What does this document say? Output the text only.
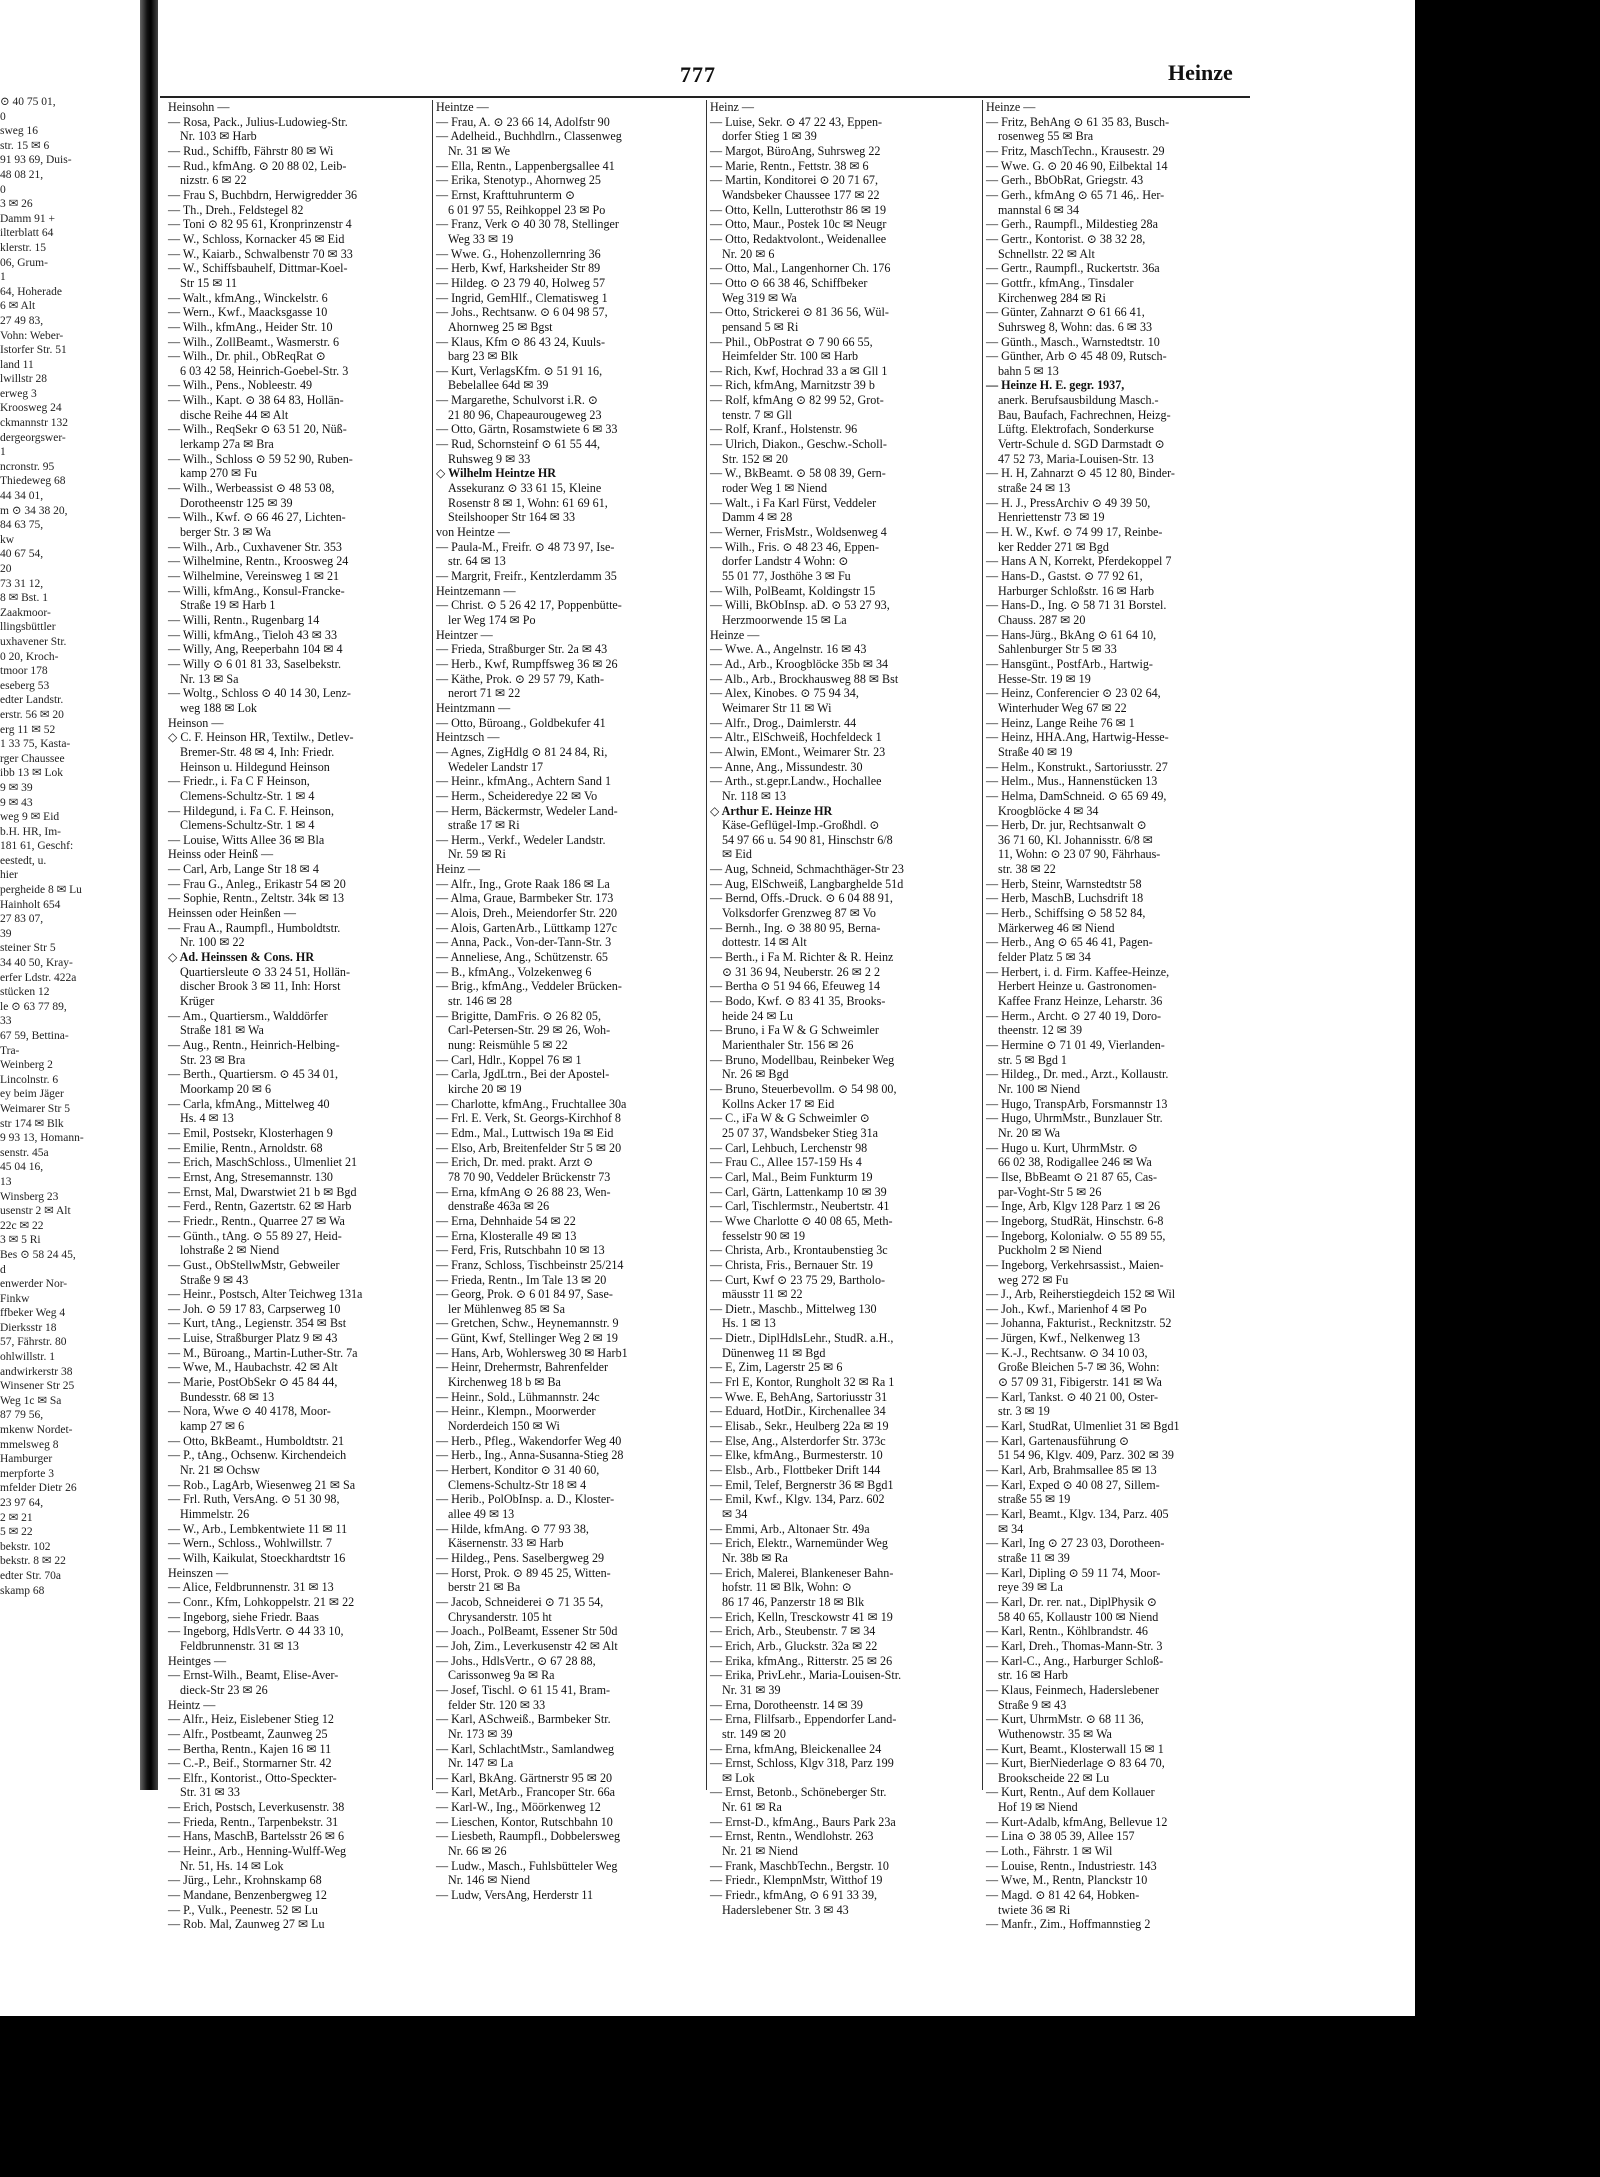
⊙ 40 75 01,
0
sweg 16
str. 15 ✉ 6
91 93 69, Duis-
48 08 21,
0
3 ✉ 26
Damm 91 +
ilterblatt 64
klerstr. 15
06, Grum-
1
64, Hoherade
6 ✉ Alt
27 49 83,
Vohn: Weber-
Istorfer Str. 51
land 11
lwillstr 28
erweg 3
Kroosweg 24
ckmannstr 132
dergeorgswer-
1
ncronstr. 95
Thiedeweg 68
44 34 01,
m ⊙ 34 38 20,
84 63 75,
kw
40 67 54,
20
73 31 12,
8 ✉ Bst. 1
Zaakmoor-
llingsbüttler
uxhavener Str.
0 20, Kroch-
tmoor 178
eseberg 53
edter Landstr.
erstr. 56 ✉ 20
erg 11 ✉ 52
1 33 75, Kasta-
rger Chaussee
ibb 13 ✉ Lok
9 ✉ 39
9 ✉ 43
weg 9 ✉ Eid
b.H. HR, Im-
181 61, Geschf:
eestedt, u.
hier
pergheide 8 ✉ Lu
Hainholt 654
27 83 07,
39
steiner Str 5
34 40 50, Kray-
erfer Ldstr. 422a
stücken 12
le ⊙ 63 77 89,
33
67 59, Bettina-
Tra-
Weinberg 2
Lincolnstr. 6
ey beim Jäger
Weimarer Str 5
str 174 ✉ Blk
9 93 13, Homann-
senstr. 45a
45 04 16,
13
Winsberg 23
usenstr 2 ✉ Alt
22c ✉ 22
3 ✉ 5 Ri
Bes ⊙ 58 24 45,
d
enwerder Nor-
Finkw
ffbeker Weg 4
Dierksstr 18
57, Fährstr. 80
ohlwillstr. 1
andwirkerstr 38
Winsener Str 25
Weg 1c ✉ Sa
87 79 56,
mkenw Nordet-
mmelsweg 8
Hamburger
merpforte 3
mfelder Dietr 26
23 97 64,
2 ✉ 21
5 ✉ 22
bekstr. 102
bekstr. 8 ✉ 22
edter Str. 70a
skamp 68
777	Heinze
Heinsohn —
— Rosa, Pack., Julius-Ludowieg-Str.
Nr. 103 ✉ Harb
— Rud., Schiffb, Fährstr 80 ✉ Wi
— Rud., kfmAng. ⊙ 20 88 02, Leib-
nizstr. 6 ✉ 22
— Frau S, Buchbdrn, Herwigredder 36
— Th., Dreh., Feldstegel 82
— Toni ⊙ 82 95 61, Kronprinzenstr 4
— W., Schloss, Kornacker 45 ✉ Eid
— W., Kaiarb., Schwalbenstr 70 ✉ 33
— W., Schiffsbauhelf, Dittmar-Koel-
Str 15 ✉ 11
— Walt., kfmAng., Winckelstr. 6
— Wern., Kwf., Maacksgasse 10
— Wilh., kfmAng., Heider Str. 10
— Wilh., ZollBeamt., Wasmerstr. 6
— Wilh., Dr. phil., ObReqRat ⊙
6 03 42 58, Heinrich-Goebel-Str. 3
— Wilh., Pens., Nobleestr. 49
— Wilh., Kapt. ⊙ 38 64 83, Hollän-
dische Reihe 44 ✉ Alt
— Wilh., ReqSekr ⊙ 63 51 20, Nüß-
lerkamp 27a ✉ Bra
— Wilh., Schloss ⊙ 59 52 90, Ruben-
kamp 270 ✉ Fu
— Wilh., Werbeassist ⊙ 48 53 08,
Dorotheenstr 125 ✉ 39
— Wilh., Kwf. ⊙ 66 46 27, Lichten-
berger Str. 3 ✉ Wa
— Wilh., Arb., Cuxhavener Str. 353
— Wilhelmine, Rentn., Kroosweg 24
— Wilhelmine, Vereinsweg 1 ✉ 21
— Willi, kfmAng., Konsul-Francke-
Straße 19 ✉ Harb 1
— Willi, Rentn., Rugenbarg 14
— Willi, kfmAng., Tieloh 43 ✉ 33
— Willy, Ang, Reeperbahn 104 ✉ 4
— Willy ⊙ 6 01 81 33, Saselbekstr.
Nr. 13 ✉ Sa
— Woltg., Schloss ⊙ 40 14 30, Lenz-
weg 188 ✉ Lok
Heinson —
◇ C. F. Heinson HR, Textilw., Detlev-
Bremer-Str. 48 ✉ 4, Inh: Friedr.
Heinson u. Hildegund Heinson
— Friedr., i. Fa C F Heinson,
Clemens-Schultz-Str. 1 ✉ 4
— Hildegund, i. Fa C. F. Heinson,
Clemens-Schultz-Str. 1 ✉ 4
— Louise, Witts Allee 36 ✉ Bla
Heinss oder Heinß —
— Carl, Arb, Lange Str 18 ✉ 4
— Frau G., Anleg., Erikastr 54 ✉ 20
— Sophie, Rentn., Zeltstr. 34k ✉ 13
Heinssen oder Heinßen —
— Frau A., Raumpfl., Humboldtstr.
Nr. 100 ✉ 22
◇ Ad. Heinssen & Cons. HR
Quartiersleute ⊙ 33 24 51, Hollän-
discher Brook 3 ✉ 11, Inh: Horst
Krüger
— Am., Quartiersm., Walddörfer
Straße 181 ✉ Wa
— Aug., Rentn., Heinrich-Helbing-
Str. 23 ✉ Bra
— Berth., Quartiersm. ⊙ 45 34 01,
Moorkamp 20 ✉ 6
— Carla, kfmAng., Mittelweg 40
Hs. 4 ✉ 13
— Emil, Postsekr, Klosterhagen 9
— Emilie, Rentn., Arnoldstr. 68
— Erich, MaschSchloss., Ulmenliet 21
— Ernst, Ang, Stresemannstr. 130
— Ernst, Mal, Dwarstwiet 21 b ✉ Bgd
— Ferd., Rentn, Gazertstr. 62 ✉ Harb
— Friedr., Rentn., Quarree 27 ✉ Wa
— Günth., tAng. ⊙ 55 89 27, Heid-
lohstraße 2 ✉ Niend
— Gust., ObStellwMstr, Gebweiler
Straße 9 ✉ 43
— Heinr., Postsch, Alter Teichweg 131a
— Joh. ⊙ 59 17 83, Carpserweg 10
— Kurt, tAng., Legienstr. 354 ✉ Bst
— Luise, Straßburger Platz 9 ✉ 43
— M., Büroang., Martin-Luther-Str. 7a
— Wwe, M., Haubachstr. 42 ✉ Alt
— Marie, PostObSekr ⊙ 45 84 44,
Bundesstr. 68 ✉ 13
— Nora, Wwe ⊙ 40 4178, Moor-
kamp 27 ✉ 6
— Otto, BkBeamt., Humboldtstr. 21
— P., tAng., Ochsenw. Kirchendeich
Nr. 21 ✉ Ochsw
— Rob., LagArb, Wiesenweg 21 ✉ Sa
— Frl. Ruth, VersAng. ⊙ 51 30 98,
Himmelstr. 26
— W., Arb., Lembkentwiete 11 ✉ 11
— Wern., Schloss., Wohlwillstr. 7
— Wilh, Kaikulat, Stoeckhardtstr 16
Heinszen —
— Alice, Feldbrunnenstr. 31 ✉ 13
— Conr., Kfm, Lohkoppelstr. 21 ✉ 22
— Ingeborg, siehe Friedr. Baas
— Ingeborg, HdlsVertr. ⊙ 44 33 10,
Feldbrunnenstr. 31 ✉ 13
Heintges —
— Ernst-Wilh., Beamt, Elise-Aver-
dieck-Str 23 ✉ 26
Heintz —
— Alfr., Heiz, Eislebener Stieg 12
— Alfr., Postbeamt, Zaunweg 25
— Bertha, Rentn., Kajen 16 ✉ 11
— C.-P., Beif., Stormarner Str. 42
— Elfr., Kontorist., Otto-Speckter-
Str. 31 ✉ 33
— Erich, Postsch, Leverkusenstr. 38
— Frieda, Rentn., Tarpenbekstr. 31
— Hans, MaschB, Bartelsstr 26 ✉ 6
— Heinr., Arb., Henning-Wulff-Weg
Nr. 51, Hs. 14 ✉ Lok
— Jürg., Lehr., Krohnskamp 68
— Mandane, Benzenbergweg 12
— P., Vulk., Peenestr. 52 ✉ Lu
— Rob. Mal, Zaunweg 27 ✉ Lu
Heintze —
— Frau, A. ⊙ 23 66 14, Adolfstr 90
— Adelheid., Buchhdlrn., Classenweg
Nr. 31 ✉ We
— Ella, Rentn., Lappenbergsallee 41
— Erika, Stenotyp., Ahornweg 25
— Ernst, Krafttuhrunterm ⊙
6 01 97 55, Reihkoppel 23 ✉ Po
— Franz, Verk ⊙ 40 30 78, Stellinger
Weg 33 ✉ 19
— Wwe. G., Hohenzollernring 36
— Herb, Kwf, Harksheider Str 89
— Hildeg. ⊙ 23 79 40, Holweg 57
— Ingrid, GemHlf., Clematisweg 1
— Johs., Rechtsanw. ⊙ 6 04 98 57,
Ahornweg 25 ✉ Bgst
— Klaus, Kfm ⊙ 86 43 24, Kuuls-
barg 23 ✉ Blk
— Kurt, VerlagsKfm. ⊙ 51 91 16,
Bebelallee 64d ✉ 39
— Margarethe, Schulvorst i.R. ⊙
21 80 96, Chapeaurougeweg 23
— Otto, Gärtn, Rosamstwiete 6 ✉ 33
— Rud, Schornsteinf ⊙ 61 55 44,
Ruhsweg 9 ✉ 33
◇ Wilhelm Heintze HR
Assekuranz ⊙ 33 61 15, Kleine
Rosenstr 8 ✉ 1, Wohn: 61 69 61,
Steilshooper Str 164 ✉ 33
von Heintze —
— Paula-M., Freifr. ⊙ 48 73 97, Ise-
str. 64 ✉ 13
— Margrit, Freifr., Kentzlerdamm 35
Heintzemann —
— Christ. ⊙ 5 26 42 17, Poppenbütte-
ler Weg 174 ✉ Po
Heintzer —
— Frieda, Straßburger Str. 2a ✉ 43
— Herb., Kwf, Rumpffsweg 36 ✉ 26
— Käthe, Prok. ⊙ 29 57 79, Kath-
nerort 71 ✉ 22
Heintzmann —
— Otto, Büroang., Goldbekufer 41
Heintzsch —
— Agnes, ZigHdlg ⊙ 81 24 84, Ri,
Wedeler Landstr 17
— Heinr., kfmAng., Achtern Sand 1
— Herm., Scheideredye 22 ✉ Vo
— Herm, Bäckermstr, Wedeler Land-
straße 17 ✉ Ri
— Herm., Verkf., Wedeler Landstr.
Nr. 59 ✉ Ri
Heinz —
— Alfr., Ing., Grote Raak 186 ✉ La
— Alma, Graue, Barmbeker Str. 173
— Alois, Dreh., Meiendorfer Str. 220
— Alois, GartenArb., Lüttkamp 127c
— Anna, Pack., Von-der-Tann-Str. 3
— Anneliese, Ang., Schützenstr. 65
— B., kfmAng., Volzekenweg 6
— Brig., kfmAng., Veddeler Brücken-
str. 146 ✉ 28
— Brigitte, DamFris. ⊙ 26 82 05,
Carl-Petersen-Str. 29 ✉ 26, Woh-
nung: Reismühle 5 ✉ 22
— Carl, Hdlr., Koppel 76 ✉ 1
— Carla, JgdLtrn., Bei der Apostel-
kirche 20 ✉ 19
— Charlotte, kfmAng., Fruchtallee 30a
— Frl. E. Verk, St. Georgs-Kirchhof 8
— Edm., Mal., Luttwisch 19a ✉ Eid
— Elso, Arb, Breitenfelder Str 5 ✉ 20
— Erich, Dr. med. prakt. Arzt ⊙
78 70 90, Veddeler Brückenstr 73
— Erna, kfmAng ⊙ 26 88 23, Wen-
denstraße 463a ✉ 26
— Erna, Dehnhaide 54 ✉ 22
— Erna, Klosteralle 49 ✉ 13
— Ferd, Fris, Rutschbahn 10 ✉ 13
— Franz, Schloss, Tischbeinstr 25/214
— Frieda, Rentn., Im Tale 13 ✉ 20
— Georg, Prok. ⊙ 6 01 84 97, Sase-
ler Mühlenweg 85 ✉ Sa
— Gretchen, Schw., Heynemannstr. 9
— Günt, Kwf, Stellinger Weg 2 ✉ 19
— Hans, Arb, Wohlersweg 30 ✉ Harb1
— Heinr, Drehermstr, Bahrenfelder
Kirchenweg 18 b ✉ Ba
— Heinr., Sold., Lühmannstr. 24c
— Heinr., Klempn., Moorwerder
Norderdeich 150 ✉ Wi
— Herb., Pfleg., Wakendorfer Weg 40
— Herb., Ing., Anna-Susanna-Stieg 28
— Herbert, Konditor ⊙ 31 40 60,
Clemens-Schultz-Str 18 ✉ 4
— Herib., PolObInsp. a. D., Kloster-
allee 49 ✉ 13
— Hilde, kfmAng. ⊙ 77 93 38,
Käsernenstr. 33 ✉ Harb
— Hildeg., Pens. Saselbergweg 29
— Horst, Prok. ⊙ 89 45 25, Witten-
berstr 21 ✉ Ba
— Jacob, Schneiderei ⊙ 71 35 54,
Chrysanderstr. 105 ht
— Joach., PolBeamt, Essener Str 50d
— Joh, Zim., Leverkusenstr 42 ✉ Alt
— Johs., HdlsVertr., ⊙ 67 28 88,
Carissonweg 9a ✉ Ra
— Josef, Tischl. ⊙ 61 15 41, Bram-
felder Str. 120 ✉ 33
— Karl, ASchweiß., Barmbeker Str.
Nr. 173 ✉ 39
— Karl, SchlachtMstr., Samlandweg
Nr. 147 ✉ La
— Karl, BkAng. Gärtnerstr 95 ✉ 20
— Karl, MetArb., Francoper Str. 66a
— Karl-W., Ing., Möörkenweg 12
— Lieschen, Kontor, Rutschbahn 10
— Liesbeth, Raumpfl., Dobbelersweg
Nr. 66 ✉ 26
— Ludw., Masch., Fuhlsbütteler Weg
Nr. 146 ✉ Niend
— Ludw, VersAng, Herderstr 11
Heinz —
— Luise, Sekr. ⊙ 47 22 43, Eppen-
dorfer Stieg 1 ✉ 39
— Margot, BüroAng, Suhrsweg 22
— Marie, Rentn., Fettstr. 38 ✉ 6
— Martin, Konditorei ⊙ 20 71 67,
Wandsbeker Chaussee 177 ✉ 22
— Otto, Kelln, Lutterothstr 86 ✉ 19
— Otto, Maur., Postek 10c ✉ Neugr
— Otto, Redaktvolont., Weidenallee
Nr. 20 ✉ 6
— Otto, Mal., Langenhorner Ch. 176
— Otto ⊙ 66 38 46, Schiffbeker
Weg 319 ✉ Wa
— Otto, Strickerei ⊙ 81 36 56, Wül-
pensand 5 ✉ Ri
— Phil., ObPostrat ⊙ 7 90 66 55,
Heimfelder Str. 100 ✉ Harb
— Rich, Kwf, Hochrad 33 a ✉ Gll 1
— Rich, kfmAng, Marnitzstr 39 b
— Rolf, kfmAng ⊙ 82 99 52, Grot-
tenstr. 7 ✉ Gll
— Rolf, Kranf., Holstenstr. 96
— Ulrich, Diakon., Geschw.-Scholl-
Str. 152 ✉ 20
— W., BkBeamt. ⊙ 58 08 39, Gern-
roder Weg 1 ✉ Niend
— Walt., i Fa Karl Fürst, Veddeler
Damm 4 ✉ 28
— Werner, FrisMstr., Woldsenweg 4
— Wilh., Fris. ⊙ 48 23 46, Eppen-
dorfer Landstr 4 Wohn: ⊙
55 01 77, Josthöhe 3 ✉ Fu
— Wilh, PolBeamt, Koldingstr 15
— Willi, BkObInsp. aD. ⊙ 53 27 93,
Herzmoorwende 15 ✉ La
Heinze —
— Wwe. A., Angelnstr. 16 ✉ 43
— Ad., Arb., Kroogblöcke 35b ✉ 34
— Alb., Arb., Brockhausweg 88 ✉ Bst
— Alex, Kinobes. ⊙ 75 94 34,
Weimarer Str 11 ✉ Wi
— Alfr., Drog., Daimlerstr. 44
— Altr., ElSchweiß, Hochfeldeck 1
— Alwin, EMont., Weimarer Str. 23
— Anne, Ang., Missundestr. 30
— Arth., st.gepr.Landw., Hochallee
Nr. 118 ✉ 13
◇ Arthur E. Heinze HR
Käse-Geflügel-Imp.-Großhdl. ⊙
54 97 66 u. 54 90 81, Hinschstr 6/8
✉ Eid
— Aug, Schneid, Schmachthäger-Str 23
— Aug, ElSchweiß, Langbarghelde 51d
— Bernd, Offs.-Druck. ⊙ 6 04 88 91,
Volksdorfer Grenzweg 87 ✉ Vo
— Bernh., Ing. ⊙ 38 80 95, Berna-
dottestr. 14 ✉ Alt
— Berth., i Fa M. Richter & R. Heinz
⊙ 31 36 94, Neuberstr. 26 ✉ 2 2
— Bertha ⊙ 51 94 66, Efeuweg 14
— Bodo, Kwf. ⊙ 83 41 35, Brooks-
heide 24 ✉ Lu
— Bruno, i Fa W & G Schweimler
Marienthaler Str. 156 ✉ 26
— Bruno, Modellbau, Reinbeker Weg
Nr. 26 ✉ Bgd
— Bruno, Steuerbevollm. ⊙ 54 98 00,
Kollns Acker 17 ✉ Eid
— C., iFa W & G Schweimler ⊙
25 07 37, Wandsbeker Stieg 31a
— Carl, Lehbuch, Lerchenstr 98
— Frau C., Allee 157-159 Hs 4
— Carl, Mal., Beim Funkturm 19
— Carl, Gärtn, Lattenkamp 10 ✉ 39
— Carl, Tischlermstr., Neubertstr. 41
— Wwe Charlotte ⊙ 40 08 65, Meth-
fesselstr 90 ✉ 19
— Christa, Arb., Krontaubenstieg 3c
— Christa, Fris., Bernauer Str. 19
— Curt, Kwf ⊙ 23 75 29, Bartholo-
mäusstr 11 ✉ 22
— Dietr., Maschb., Mittelweg 130
Hs. 1 ✉ 13
— Dietr., DiplHdlsLehr., StudR. a.H.,
Dünenweg 11 ✉ Bgd
— E, Zim, Lagerstr 25 ✉ 6
— Frl E, Kontor, Rungholt 32 ✉ Ra 1
— Wwe. E, BehAng, Sartoriusstr 31
— Eduard, HotDir., Kirchenallee 34
— Elisab., Sekr., Heulberg 22a ✉ 19
— Else, Ang., Alsterdorfer Str. 373c
— Elke, kfmAng., Burmesterstr. 10
— Elsb., Arb., Flottbeker Drift 144
— Emil, Telef, Bergnerstr 36 ✉ Bgd1
— Emil, Kwf., Klgv. 134, Parz. 602
✉ 34
— Emmi, Arb., Altonaer Str. 49a
— Erich, Elektr., Warnemünder Weg
Nr. 38b ✉ Ra
— Erich, Malerei, Blankeneser Bahn-
hofstr. 11 ✉ Blk, Wohn: ⊙
86 17 46, Panzerstr 18 ✉ Blk
— Erich, Kelln, Tresckowstr 41 ✉ 19
— Erich, Arb., Steubenstr. 7 ✉ 34
— Erich, Arb., Gluckstr. 32a ✉ 22
— Erika, kfmAng., Ritterstr. 25 ✉ 26
— Erika, PrivLehr., Maria-Louisen-Str.
Nr. 31 ✉ 39
— Erna, Dorotheenstr. 14 ✉ 39
— Erna, Flilfsarb., Eppendorfer Land-
str. 149 ✉ 20
— Erna, kfmAng, Bleickenallee 24
— Ernst, Schloss, Klgv 318, Parz 199
✉ Lok
— Ernst, Betonb., Schöneberger Str.
Nr. 61 ✉ Ra
— Ernst-D., kfmAng., Baurs Park 23a
— Ernst, Rentn., Wendlohstr. 263
Nr. 21 ✉ Niend
— Frank, MaschbTechn., Bergstr. 10
— Friedr., KlempnMstr, Witthof 19
— Friedr., kfmAng, ⊙ 6 91 33 39,
Haderslebener Str. 3 ✉ 43
Heinze —
— Fritz, BehAng ⊙ 61 35 83, Busch-
rosenweg 55 ✉ Bra
— Fritz, MaschTechn., Krausestr. 29
— Wwe. G. ⊙ 20 46 90, Eilbektal 14
— Gerh., BbObRat, Griegstr. 43
— Gerh., kfmAng ⊙ 65 71 46,. Her-
mannstal 6 ✉ 34
— Gerh., Raumpfl., Mildestieg 28a
— Gertr., Kontorist. ⊙ 38 32 28,
Schnellstr. 22 ✉ Alt
— Gertr., Raumpfl., Ruckertstr. 36a
— Gottfr., kfmAng., Tinsdaler
Kirchenweg 284 ✉ Ri
— Günter, Zahnarzt ⊙ 61 66 41,
Suhrsweg 8, Wohn: das. 6 ✉ 33
— Günth., Masch., Warnstedtstr. 10
— Günther, Arb ⊙ 45 48 09, Rutsch-
bahn 5 ✉ 13
— Heinze H. E. gegr. 1937,
anerk. Berufsausbildung Masch.-
Bau, Baufach, Fachrechnen, Heizg-
Lüftg. Elektrofach, Sonderkurse
Vertr-Schule d. SGD Darmstadt ⊙
47 52 73, Maria-Louisen-Str. 13
— H. H, Zahnarzt ⊙ 45 12 80, Binder-
straße 24 ✉ 13
— H. J., PressArchiv ⊙ 49 39 50,
Henriettenstr 73 ✉ 19
— H. W., Kwf. ⊙ 74 99 17, Reinbe-
ker Redder 271 ✉ Bgd
— Hans A N, Korrekt, Pferdekoppel 7
— Hans-D., Gastst. ⊙ 77 92 61,
Harburger Schloßstr. 16 ✉ Harb
— Hans-D., Ing. ⊙ 58 71 31 Borstel.
Chauss. 287 ✉ 20
— Hans-Jürg., BkAng ⊙ 61 64 10,
Sahlenburger Str 5 ✉ 33
— Hansgünt., PostfArb., Hartwig-
Hesse-Str. 19 ✉ 19
— Heinz, Conferencier ⊙ 23 02 64,
Winterhuder Weg 67 ✉ 22
— Heinz, Lange Reihe 76 ✉ 1
— Heinz, HHA.Ang, Hartwig-Hesse-
Straße 40 ✉ 19
— Helm., Konstrukt., Sartoriusstr. 27
— Helm., Mus., Hannenstücken 13
— Helma, DamSchneid. ⊙ 65 69 49,
Kroogblöcke 4 ✉ 34
— Herb, Dr. jur, Rechtsanwalt ⊙
36 71 60, Kl. Johannisstr. 6/8 ✉
11, Wohn: ⊙ 23 07 90, Fährhaus-
str. 38 ✉ 22
— Herb, Steinr, Warnstedtstr 58
— Herb, MaschB, Luchsdrift 18
— Herb., Schiffsing ⊙ 58 52 84,
Märkerweg 46 ✉ Niend
— Herb., Ang ⊙ 65 46 41, Pagen-
felder Platz 5 ✉ 34
— Herbert, i. d. Firm. Kaffee-Heinze,
Herbert Heinze u. Gastronomen-
Kaffee Franz Heinze, Leharstr. 36
— Herm., Archt. ⊙ 27 40 19, Doro-
theenstr. 12 ✉ 39
— Hermine ⊙ 71 01 49, Vierlanden-
str. 5 ✉ Bgd 1
— Hildeg., Dr. med., Arzt., Kollaustr.
Nr. 100 ✉ Niend
— Hugo, TranspArb, Forsmannstr 13
— Hugo, UhrmMstr., Bunzlauer Str.
Nr. 20 ✉ Wa
— Hugo u. Kurt, UhrmMstr. ⊙
66 02 38, Rodigallee 246 ✉ Wa
— Ilse, BbBeamt ⊙ 21 87 65, Cas-
par-Voght-Str 5 ✉ 26
— Inge, Arb, Klgv 128 Parz 1 ✉ 26
— Ingeborg, StudRät, Hinschstr. 6-8
— Ingeborg, Kolonialw. ⊙ 55 89 55,
Puckholm 2 ✉ Niend
— Ingeborg, Verkehrsassist., Maien-
weg 272 ✉ Fu
— J., Arb, Reiherstiegdeich 152 ✉ Wil
— Joh., Kwf., Marienhof 4 ✉ Po
— Johanna, Fakturist., Recknitzstr. 52
— Jürgen, Kwf., Nelkenweg 13
— K.-J., Rechtsanw. ⊙ 34 10 03,
Große Bleichen 5-7 ✉ 36, Wohn:
⊙ 57 09 31, Fibigerstr. 141 ✉ Wa
— Karl, Tankst. ⊙ 40 21 00, Oster-
str. 3 ✉ 19
— Karl, StudRat, Ulmenliet 31 ✉ Bgd1
— Karl, Gartenausführung ⊙
51 54 96, Klgv. 409, Parz. 302 ✉ 39
— Karl, Arb, Brahmsallee 85 ✉ 13
— Karl, Exped ⊙ 40 08 27, Sillem-
straße 55 ✉ 19
— Karl, Beamt., Klgv. 134, Parz. 405
✉ 34
— Karl, Ing ⊙ 27 23 03, Dorotheen-
straße 11 ✉ 39
— Karl, Dipling ⊙ 59 11 74, Moor-
reye 39 ✉ La
— Karl, Dr. rer. nat., DiplPhysik ⊙
58 40 65, Kollaustr 100 ✉ Niend
— Karl, Rentn., Köhlbrandstr. 46
— Karl, Dreh., Thomas-Mann-Str. 3
— Karl-C., Ang., Harburger Schloß-
str. 16 ✉ Harb
— Klaus, Feinmech, Haderslebener
Straße 9 ✉ 43
— Kurt, UhrmMstr. ⊙ 68 11 36,
Wuthenowstr. 35 ✉ Wa
— Kurt, Beamt., Klosterwall 15 ✉ 1
— Kurt, BierNiederlage ⊙ 83 64 70,
Brookscheide 22 ✉ Lu
— Kurt, Rentn., Auf dem Kollauer
Hof 19 ✉ Niend
— Kurt-Adalb, kfmAng, Bellevue 12
— Lina ⊙ 38 05 39, Allee 157
— Loth., Fährstr. 1 ✉ Wil
— Louise, Rentn., Industriestr. 143
— Wwe, M., Rentn, Planckstr 10
— Magd. ⊙ 81 42 64, Hobken-
twiete 36 ✉ Ri
— Manfr., Zim., Hoffmannstieg 2
